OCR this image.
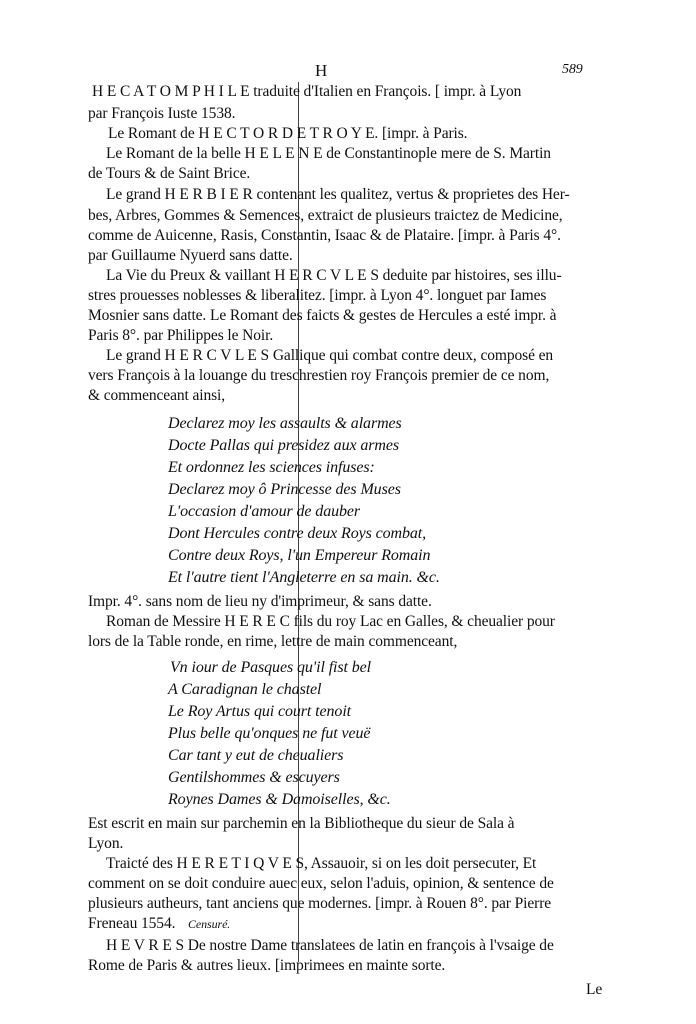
H	589
H E C A T O M P H I L E traduite d'Italien en François. [ impr. à Lyon
par François Iuste 1538.
Le Romant de H E C T O R D E T R O Y E. [impr. à Paris.
Le Romant de la belle H E L E N E de Constantinople mere de S. Martin
de Tours & de Saint Brice.
Le grand H E R B I E R contenant les qualitez, vertus & proprietes des Her-
bes, Arbres, Gommes & Semences, extraict de plusieurs traictez de Medicine,
comme de Auicenne, Rasis, Constantin, Isaac & de Plataire. [impr. à Paris 4°.
par Guillaume Nyuerd sans datte.
La Vie du Preux & vaillant H E R C V L E S deduite par histoires, ses illu-
stres prouesses noblesses & liberalitez. [impr. à Lyon 4°. longuet par Iames
Mosnier sans datte. Le Romant des faicts & gestes de Hercules a esté impr. à
Paris 8°. par Philippes le Noir.
Le grand H E R C V L E S Gallique qui combat contre deux, composé en
vers François à la louange du treschrestien roy François premier de ce nom,
& commenceant ainsi,
Declarez moy les assaults & alarmes
Docte Pallas qui presidez aux armes
Et ordonnez les sciences infuses:
Declarez moy ô Princesse des Muses
L'occasion d'amour de dauber
Dont Hercules contre deux Roys combat,
Contre deux Roys, l'un Empereur Romain
Et l'autre tient l'Angleterre en sa main. &c.
Impr. 4°. sans nom de lieu ny d'imprimeur, & sans datte.
Roman de Messire H E R E C fils du roy Lac en Galles, & cheualier pour
lors de la Table ronde, en rime, lettre de main commenceant,
Vn iour de Pasques qu'il fist bel
A Caradignan le chastel
Le Roy Artus qui court tenoit
Plus belle qu'onques ne fut veuë
Car tant y eut de cheualiers
Gentilshommes & escuyers
Roynes Dames & Damoiselles, &c.
Est escrit en main sur parchemin en la Bibliotheque du sieur de Sala à
Lyon.
Traicté des H E R E T I Q V E S, Assauoir, si on les doit persecuter, Et
comment on se doit conduire auec eux, selon l'aduis, opinion, & sentence de
plusieurs autheurs, tant anciens que modernes. [impr. à Rouen 8°. par Pierre
Freneau 1554. Censuré.
H E V R E S De nostre Dame translatees de latin en françois à l'vsaige de
Rome de Paris & autres lieux. [imprimees en mainte sorte.
Le
